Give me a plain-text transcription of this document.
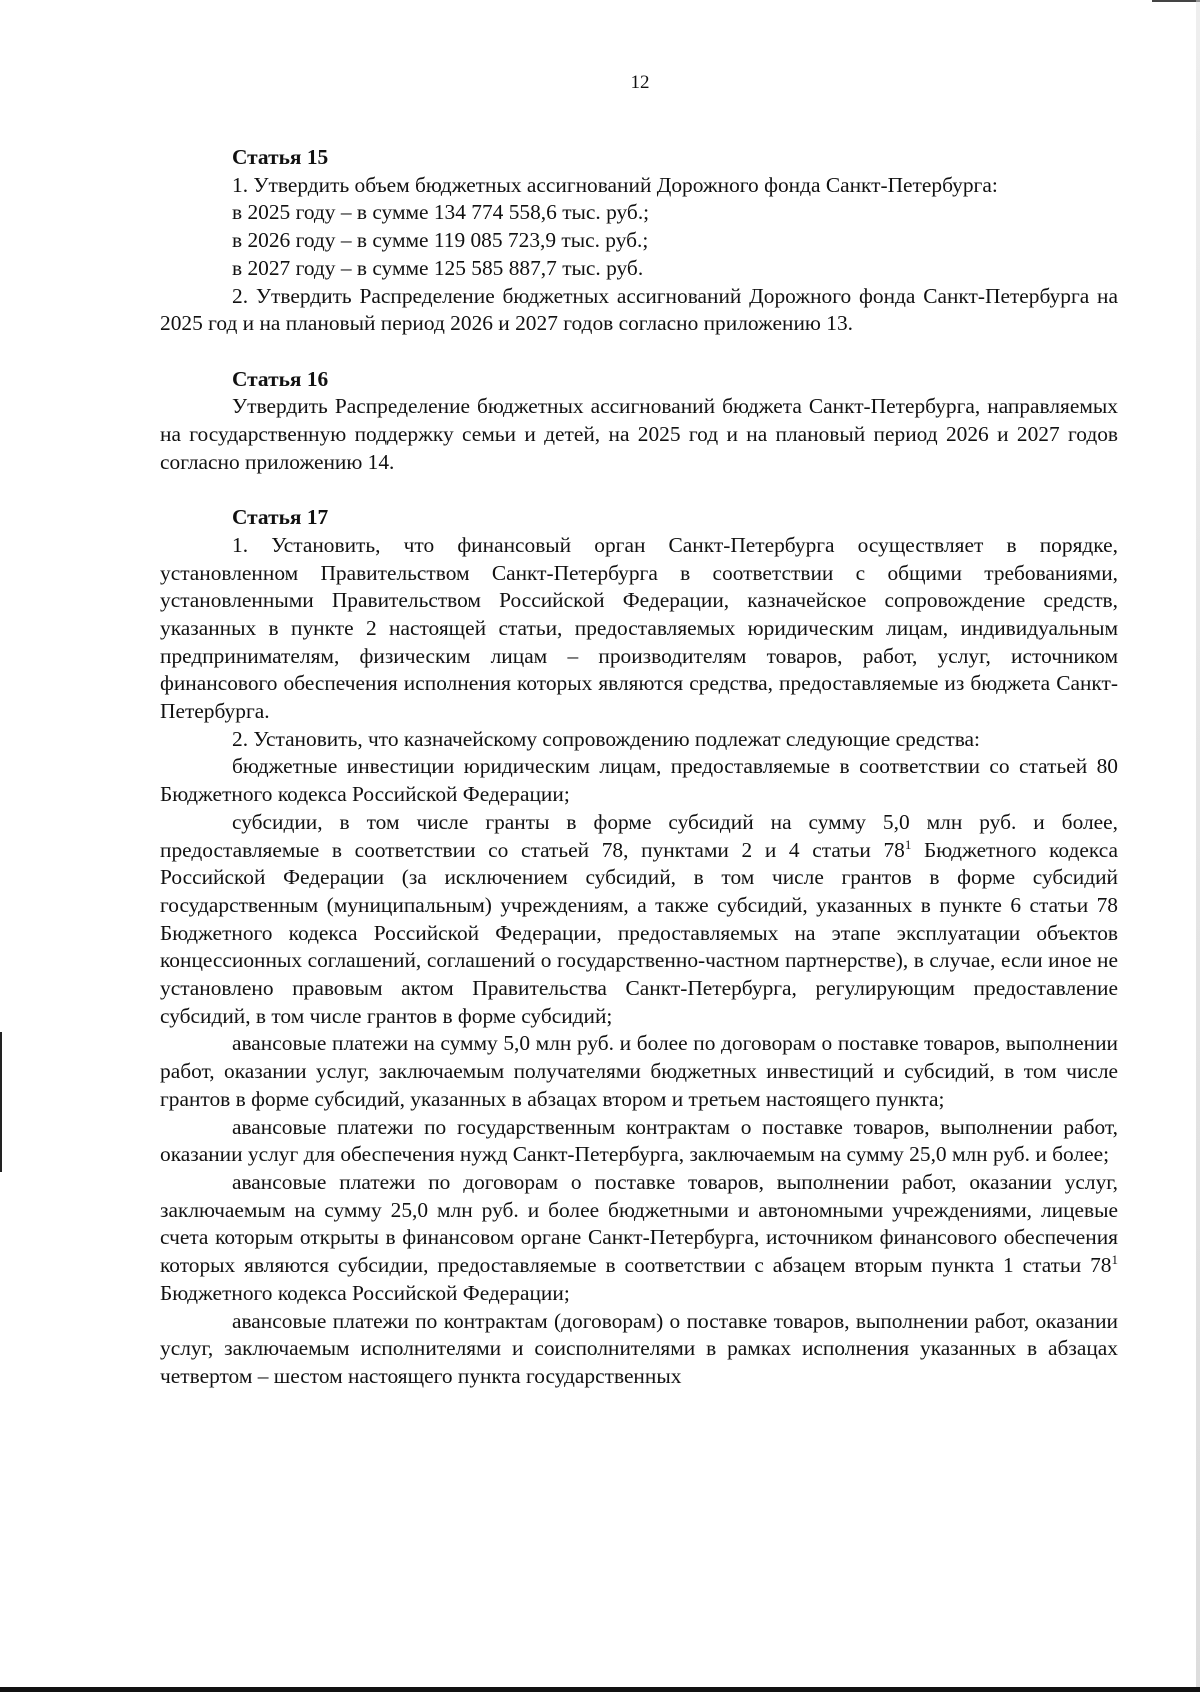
12
Статья 15

1. Утвердить объем бюджетных ассигнований Дорожного фонда Санкт-Петербурга:

в 2025 году – в сумме 134 774 558,6 тыс. руб.;
в 2026 году – в сумме 119 085 723,9 тыс. руб.;
в 2027 году – в сумме 125 585 887,7 тыс. руб.

2. Утвердить Распределение бюджетных ассигнований Дорожного фонда Санкт-Петербурга на 2025 год и на плановый период 2026 и 2027 годов согласно приложению 13.

Статья 16

Утвердить Распределение бюджетных ассигнований бюджета Санкт-Петербурга, направляемых на государственную поддержку семьи и детей, на 2025 год и на плановый период 2026 и 2027 годов согласно приложению 14.

Статья 17

1. Установить, что финансовый орган Санкт-Петербурга осуществляет в порядке, установленном Правительством Санкт-Петербурга в соответствии с общими требованиями, установленными Правительством Российской Федерации, казначейское сопровождение средств, указанных в пункте 2 настоящей статьи, предоставляемых юридическим лицам, индивидуальным предпринимателям, физическим лицам – производителям товаров, работ, услуг, источником финансового обеспечения исполнения которых являются средства, предоставляемые из бюджета Санкт-Петербурга.

2. Установить, что казначейскому сопровождению подлежат следующие средства:

бюджетные инвестиции юридическим лицам, предоставляемые в соответствии со статьей 80 Бюджетного кодекса Российской Федерации;

субсидии, в том числе гранты в форме субсидий на сумму 5,0 млн руб. и более, предоставляемые в соответствии со статьей 78, пунктами 2 и 4 статьи $78^1$ Бюджетного кодекса Российской Федерации (за исключением субсидий, в том числе грантов в форме субсидий государственным (муниципальным) учреждениям, а также субсидий, указанных в пункте 6 статьи 78 Бюджетного кодекса Российской Федерации, предоставляемых на этапе эксплуатации объектов концессионных соглашений, соглашений о государственно-частном партнерстве), в случае, если иное не установлено правовым актом Правительства Санкт-Петербурга, регулирующим предоставление субсидий, в том числе грантов в форме субсидий;

авансовые платежи на сумму 5,0 млн руб. и более по договорам о поставке товаров, выполнении работ, оказании услуг, заключаемым получателями бюджетных инвестиций и субсидий, в том числе грантов в форме субсидий, указанных в абзацах втором и третьем настоящего пункта;

авансовые платежи по государственным контрактам о поставке товаров, выполнении работ, оказании услуг для обеспечения нужд Санкт-Петербурга, заключаемым на сумму 25,0 млн руб. и более;

авансовые платежи по договорам о поставке товаров, выполнении работ, оказании услуг, заключаемым на сумму 25,0 млн руб. и более бюджетными и автономными учреждениями, лицевые счета которым открыты в финансовом органе Санкт-Петербурга, источником финансового обеспечения которых являются субсидии, предоставляемые в соответствии с абзацем вторым пункта 1 статьи $78^1$ Бюджетного кодекса Российской Федерации;

авансовые платежи по контрактам (договорам) о поставке товаров, выполнении работ, оказании услуг, заключаемым исполнителями и соисполнителями в рамках исполнения указанных в абзацах четвертом – шестом настоящего пункта государственных
